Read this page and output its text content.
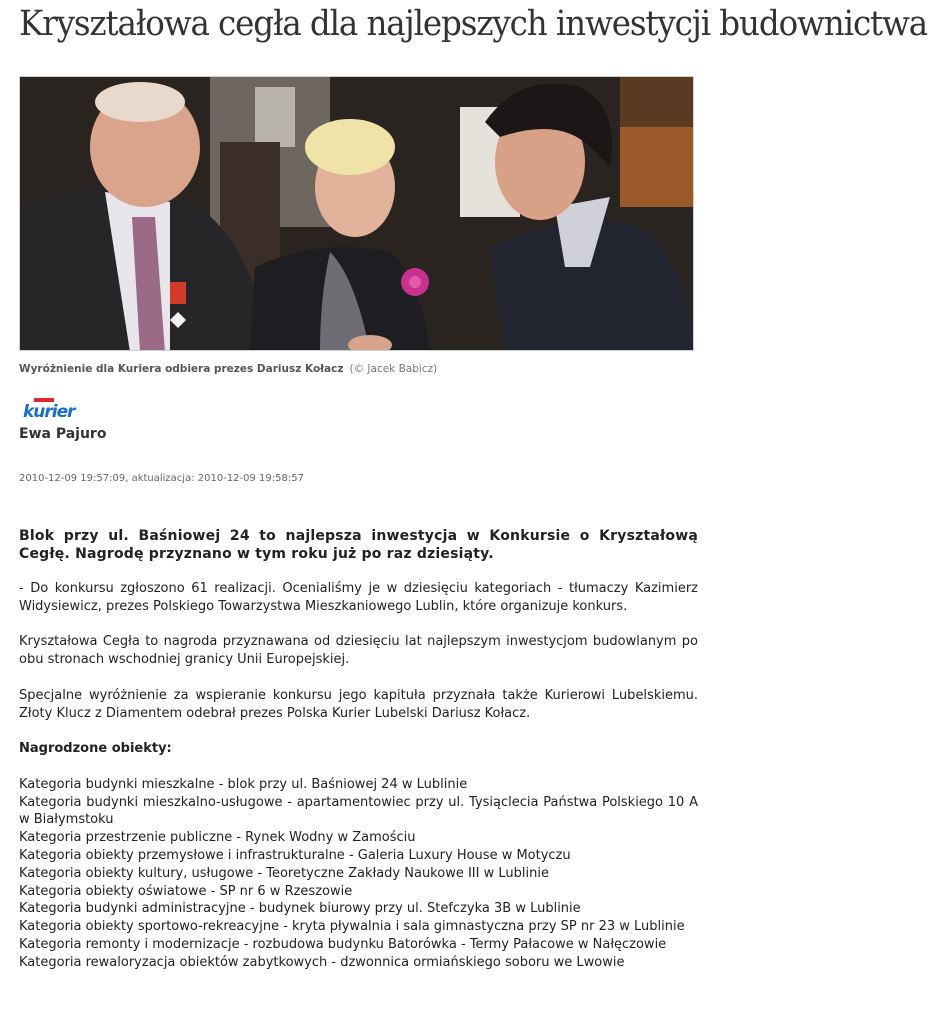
Kryształowa cegła dla najlepszych inwestycji budownictwa
Wyróżnienie dla Kuriera odbiera prezes Dariusz Kołacz (© Jacek Babicz)
kurier
Ewa Pajuro
2010-12-09 19:57:09, aktualizacja: 2010-12-09 19:58:57

Blok przy ul. Baśniowej 24 to najlepsza inwestycja w Konkursie o Kryształową Cegłę. Nagrodę przyznano w tym roku już po raz dziesiąty.

- Do konkursu zgłoszono 61 realizacji. Ocenialiśmy je w dziesięciu kategoriach - tłumaczy Kazimierz Widysiewicz, prezes Polskiego Towarzystwa Mieszkaniowego Lublin, które organizuje konkurs.

Kryształowa Cegła to nagroda przyznawana od dziesięciu lat najlepszym inwestycjom budowlanym po obu stronach wschodniej granicy Unii Europejskiej.

Specjalne wyróżnienie za wspieranie konkursu jego kapituła przyznała także Kurierowi Lubelskiemu. Złoty Klucz z Diamentem odebrał prezes Polska Kurier Lubelski Dariusz Kołacz.

Nagrodzone obiekty:

Kategoria budynki mieszkalne - blok przy ul. Baśniowej 24 w Lublinie
Kategoria budynki mieszkalno-usługowe - apartamentowiec przy ul. Tysiąclecia Państwa Polskiego 10 A w Białymstoku
Kategoria przestrzenie publiczne - Rynek Wodny w Zamościu
Kategoria obiekty przemysłowe i infrastrukturalne - Galeria Luxury House w Motyczu
Kategoria obiekty kultury, usługowe - Teoretyczne Zakłady Naukowe III w Lublinie
Kategoria obiekty oświatowe - SP nr 6 w Rzeszowie
Kategoria budynki administracyjne - budynek biurowy przy ul. Stefczyka 3B w Lublinie
Kategoria obiekty sportowo-rekreacyjne - kryta pływalnia i sala gimnastyczna przy SP nr 23 w Lublinie
Kategoria remonty i modernizacje - rozbudowa budynku Batorówka - Termy Pałacowe w Nałęczowie
Kategoria rewaloryzacja obiektów zabytkowych - dzwonnica ormiańskiego soboru we Lwowie
